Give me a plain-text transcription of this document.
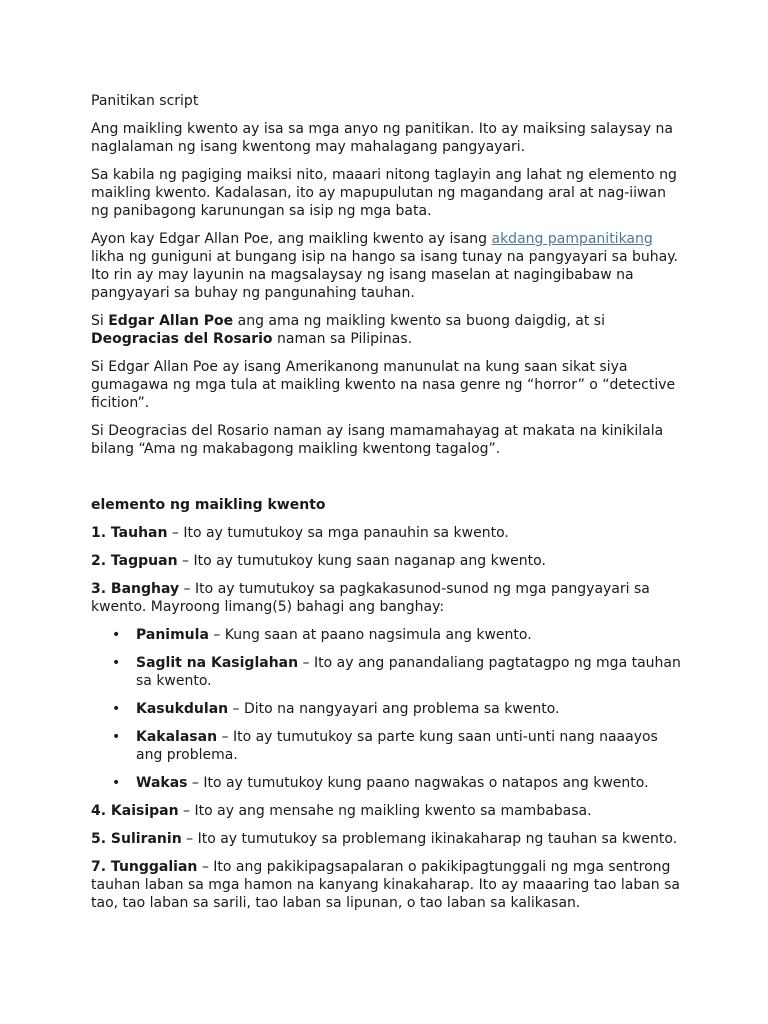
Panitikan script

Ang maikling kwento ay isa sa mga anyo ng panitikan. Ito ay maiksing salaysay na naglalaman ng isang kwentong may mahalagang pangyayari.

Sa kabila ng pagiging maiksi nito, maaari nitong taglayin ang lahat ng elemento ng maikling kwento. Kadalasan, ito ay mapupulutan ng magandang aral at nag-iiwan ng panibagong karunungan sa isip ng mga bata.

Ayon kay Edgar Allan Poe, ang maikling kwento ay isang akdang pampanitikang likha ng guniguni at bungang isip na hango sa isang tunay na pangyayari sa buhay. Ito rin ay may layunin na magsalaysay ng isang maselan at nagingibabaw na pangyayari sa buhay ng pangunahing tauhan.

Si Edgar Allan Poe ang ama ng maikling kwento sa buong daigdig, at si Deogracias del Rosario naman sa Pilipinas.

Si Edgar Allan Poe ay isang Amerikanong manunulat na kung saan sikat siya gumagawa ng mga tula at maikling kwento na nasa genre ng “horror” o “detective ficition”.

Si Deogracias del Rosario naman ay isang mamamahayag at makata na kinikilala bilang “Ama ng makabagong maikling kwentong tagalog”.

elemento ng maikling kwento

1. Tauhan – Ito ay tumutukoy sa mga panauhin sa kwento.

2. Tagpuan – Ito ay tumutukoy kung saan naganap ang kwento.

3. Banghay – Ito ay tumutukoy sa pagkakasunod-sunod ng mga pangyayari sa kwento. Mayroong limang(5) bahagi ang banghay:

• Panimula – Kung saan at paano nagsimula ang kwento.
• Saglit na Kasiglahan – Ito ay ang panandaliang pagtatagpo ng mga tauhan sa kwento.
• Kasukdulan – Dito na nangyayari ang problema sa kwento.
• Kakalasan – Ito ay tumutukoy sa parte kung saan unti-unti nang naaayos ang problema.
• Wakas – Ito ay tumutukoy kung paano nagwakas o natapos ang kwento.

4. Kaisipan – Ito ay ang mensahe ng maikling kwento sa mambabasa.

5. Suliranin – Ito ay tumutukoy sa problemang ikinakaharap ng tauhan sa kwento.

7. Tunggalian – Ito ang pakikipagsapalaran o pakikipagtunggali ng mga sentrong tauhan laban sa mga hamon na kanyang kinakaharap. Ito ay maaaring tao laban sa tao, tao laban sa sarili, tao laban sa lipunan, o tao laban sa kalikasan.
